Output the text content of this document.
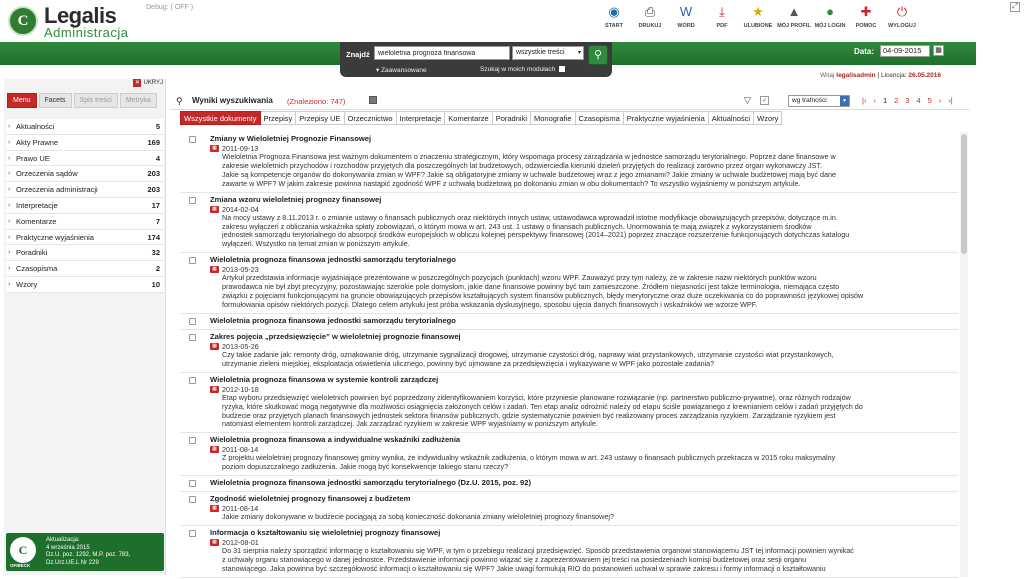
C Legalis
Administracja
Debug: ( OFF )	◉
START
⎙
DRUKUJ
W
WORD
⤓
PDF
★
ULUBIONE
▲
MÓJ PROFIL
●
MÓJ LOGIN
✚
POMOC
⏻
WYLOGUJ
⤢
Znajdź
wieloletnia prognoza finansowa	wszystkie treści ▾	⚲
▾ Zaawansowane	Szukaj w moich modułach
Data:	04-09-2015	▦
Witaj legalisadmin | Licencja: 26.05.2016
✕ UKRYJ
Menu	Facets	Spis treści	Metryka
› Aktualności	5
› Akty Prawne	169
› Prawo UE	4
› Orzeczenia sądów	203
› Orzeczenia administracji	203
› Interpretacje	17
› Komentarze	7
› Praktyczne wyjaśnienia	174
› Poradniki	32
› Czasopisma	2
› Wzory	10
C
OFIBECK
Aktualizacja:
4 września 2015
Dz.U. poz. 1292, M.P. poz. 783,
Dz.Urz.UE.L Nr 229
⚲ Wyniki wyszukiwania (Znaleziono: 747)	▽	✓	wg trafności	▼ |‹ ‹ 1 2 3 4 5 › ›|
Wszystkie dokumenty Przepisy Przepisy UE Orzecznictwo Interpretacje Komentarze Poradniki Monografie Czasopisma Praktyczne wyjaśnienia Aktualności Wzory
Zmiany w Wieloletniej Prognozie Finansowej
▦ 2011-09-13
Wieloletnia Prognoza Finansowa jest ważnym dokumentem o znaczeniu strategicznym, który wspomaga procesy zarządzania w jednostce samorządu terytorialnego. Poprzez dane finansowe w
zakresie wieloletnich przychodów i rozchodów przyjętych dla poszczególnych lat budżetowych, odzwierciedla kierunki dzieleń przyjętych do realizacji zarówno przez organ wykonawczy JST.
Jakie są kompetencje organów do dokonywania zmian w WPF? Jakie są obligatoryjne zmiany w uchwale budżetowej wraz z jego zmianami? Jakie zmiany w uchwale budżetowej mają być dane
zawarte w WPF? W jakim zakresie powinna nastąpić zgodność WPF z uchwałą budżetową po dokonaniu zmian w obu dokumentach? To wszystko wyjaśniemy w poniższym artykule.
Zmiana wzoru wieloletniej prognozy finansowej
▦ 2014-02-04
Na mocy ustawy z 8.11.2013 r. o zmianie ustawy o finansach publicznych oraz niektórych innych ustaw, ustawodawca wprowadził istotne modyfikacje obowiązujących przepisów, dotyczące m.in.
zakresu wyłączeń z obliczania wskaźnika spłaty zobowiązań, o którym mowa w art. 243 ust. 1 ustawy o finansach publicznych. Unormowania te mają związek z wykorzystaniem środków
jednostek samorządu terytorialnego do absorpcji środków europejskich w obliczu kolejnej perspektywy finansowej (2014–2021) poprzez znaczące rozszerzenie funkcjonujących dotychczas katalogu
wyłączeń. Wszystko na temat zmian w poniższym artykule.
Wieloletnia prognoza finansowa jednostki samorządu terytorialnego
▦ 2013-05-23
Artykuł przedstawia informacje wyjaśniające prezentowane w poszczególnych pozycjach (punktach) wzoru WPF. Zauważyć przy tym należy, że w zakresie nazw niektórych punktów wzoru
prawodawca nie był zbyt precyzyjny, pozostawiając szerokie pole domysłom, jakie dane finansowe powinny być tam zamieszczone. Źródłem niejasności jest także terminologia, niemająca często
związku z pojęciami funkcjonującymi na gruncie obowiązujących przepisów kształtujących system finansów publicznych, błędy merytoryczne oraz duże oczekiwania co do poprawności językowej opisów
formułowania opisów niektórych pozycji. Dlatego celem artykułu jest próba wskazania dyskusyjnego, sposobu ujęcia danych finansowych i wskaźników we wzorze WPF.
Wieloletnia prognoza finansowa jednostki samorządu terytorialnego
Zakres pojęcia „przedsięwzięcie” w wieloletniej prognozie finansowej
▦ 2013-05-26
Czy takie zadanie jak: remonty dróg, oznakowanie dróg, utrzymanie sygnalizacji drogowej, utrzymanie czystości dróg, naprawy wiat przystankowych, utrzymanie czystości wiat przystankowych,
utrzymanie zieleni miejskiej, eksploatacja oświetlenia ulicznego, powinny być ujmowane za przedsięwzięcia i wykazywane w WPF jako pozostałe zadania?
Wieloletnia prognoza finansowa w systemie kontroli zarządczej
▦ 2012-10-18
Etap wyboru przedsięwzięć wieloletnich powinien być poprzedzony zidentyfikowaniem korzyści, które przyniesie planowane rozwiązanie (np. partnerstwo publiczno-prywatne), oraz różnych rodzajów
ryzyka, które skutkować mogą negatywnie dla możliwości osiągnięcia założonych celów i zadań. Ten etap analiz odrożnić należy od etapu ściśle powiązanego z krewnianiem celów i zadań przyjętych do
budżecie oraz przyjętych planach finansowych jednostek sektora finansów publicznych, gdzie systematycznie powinien być realizowany proces zarządzania ryzykiem. Zarządzanie ryzykiem jest
natomiast elementem kontroli zarządczej. Jak zarządzać ryzykiem w zakresie WPF wyjaśniamy w poniższym artykule.
Wieloletnia prognoza finansowa a indywidualne wskaźniki zadłużenia
▦ 2011-08-14
Z projektu wieloletniej prognozy finansowej gminy wynika, że indywidualny wskaźnik zadłużenia, o którym mowa w art. 243 ustawy o finansach publicznych przekracza w 2015 roku maksymalny
poziom dopuszczalnego zadłużenia. Jakie mogą być konsekwencje takiego stanu rzeczy?
Wieloletnia prognoza finansowa jednostki samorządu terytorialnego (Dz.U. 2015, poz. 92)
Zgodność wieloletniej prognozy finansowej z budżetem
▦ 2011-08-14
Jakie zmiany dokonywane w budżecie pociągają za sobą konieczność dokonania zmiany wieloletniej prognozy finansowej?
Informacja o kształtowaniu się wieloletniej prognozy finansowej
▦ 2012-08-01
Do 31 sierpnia należy sporządzić informację o kształtowaniu się WPF, w tym o przebiegu realizacji przedsięwzięć. Sposób przedstawienia organowi stanowiącemu JST tej informacji powinien wynikać
z uchwały organu stanowiącego w danej jednostce. Przedstawienie informacji powinno wiązać się z zaprezentowaniem jej treści na posiedzeniach komisji budżetowej oraz sesji organu
stanowiącego. Jaka powinna być szczegółowość informacji o kształtowaniu się WPF? Jakie uwagi formułują RIO do postanowień uchwał w sprawie zakresu i formy informacji o kształtowaniu
